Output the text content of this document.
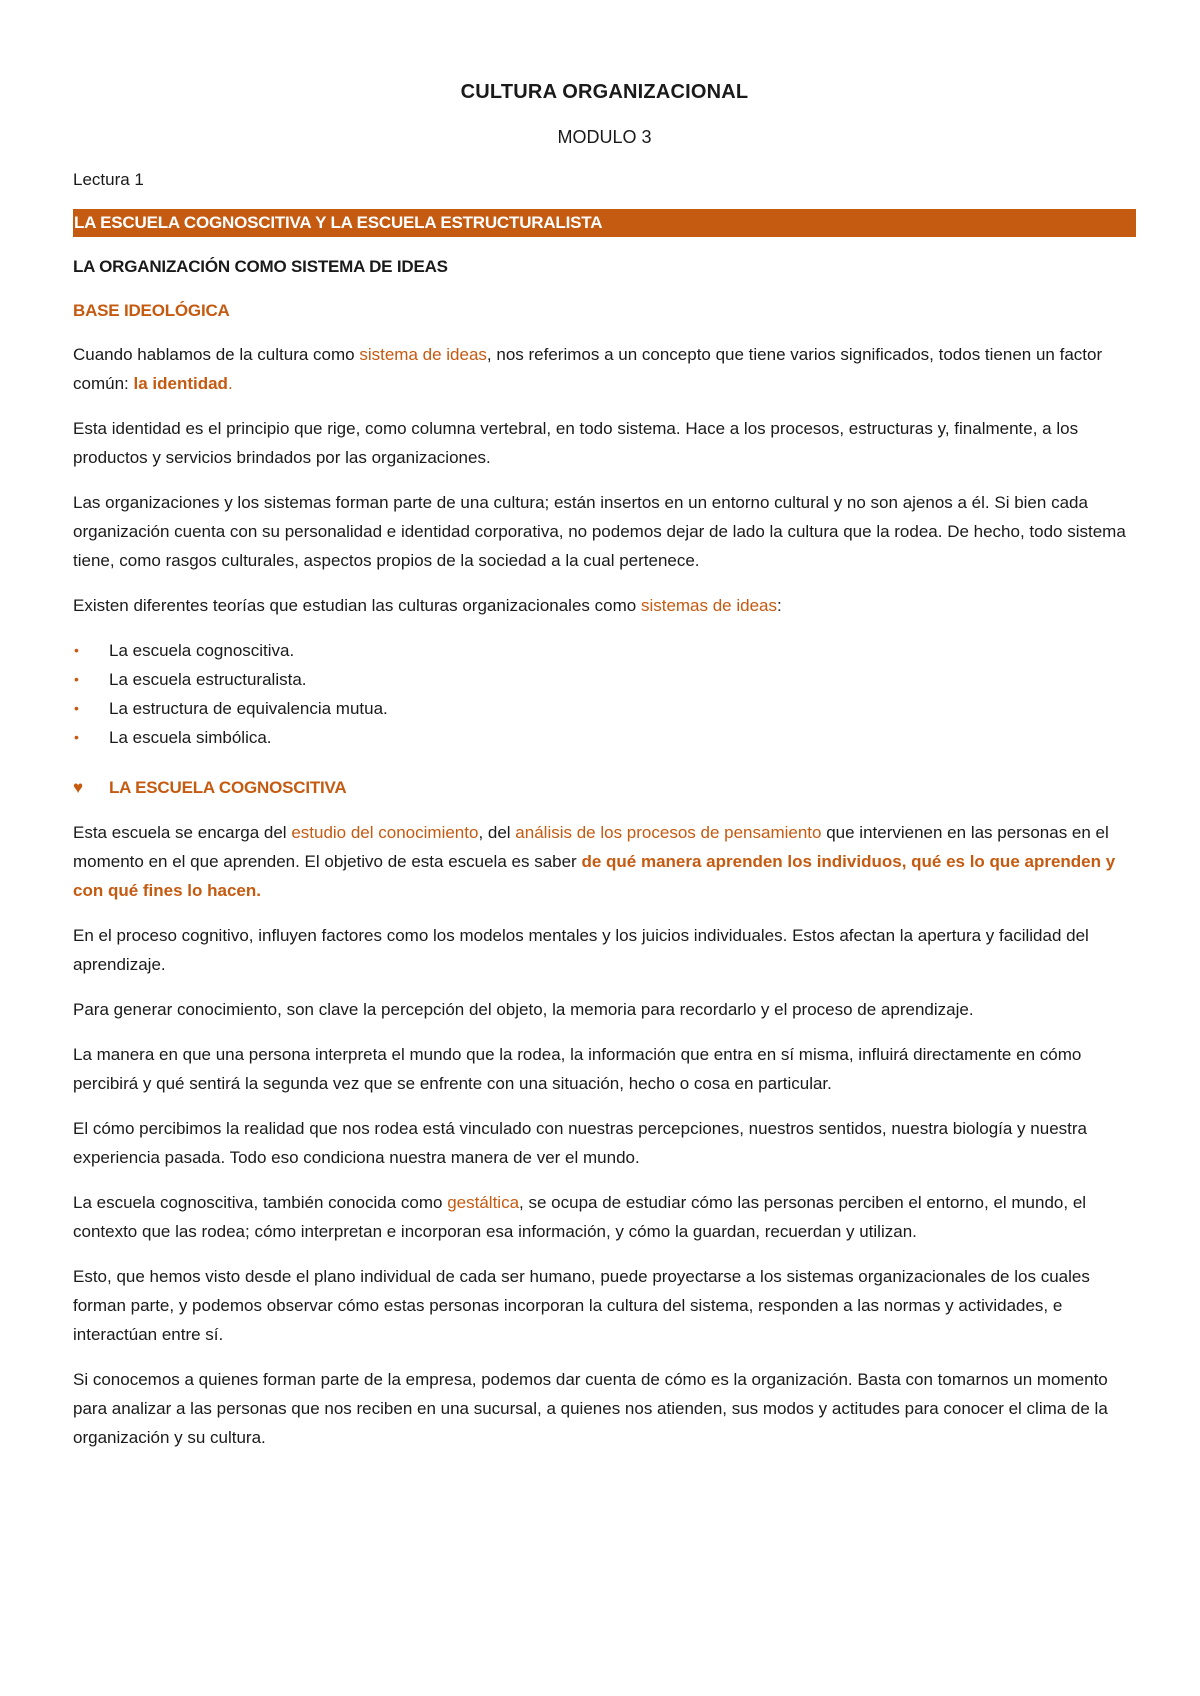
CULTURA ORGANIZACIONAL
MODULO 3
Lectura 1
LA ESCUELA COGNOSCITIVA Y LA ESCUELA ESTRUCTURALISTA
LA ORGANIZACIÓN COMO SISTEMA DE IDEAS
BASE IDEOLÓGICA

Cuando hablamos de la cultura como sistema de ideas, nos referimos a un concepto que tiene varios significados, todos tienen un factor común: la identidad.

Esta identidad es el principio que rige, como columna vertebral, en todo sistema. Hace a los procesos, estructuras y, finalmente, a los productos y servicios brindados por las organizaciones.

Las organizaciones y los sistemas forman parte de una cultura; están insertos en un entorno cultural y no son ajenos a él. Si bien cada organización cuenta con su personalidad e identidad corporativa, no podemos dejar de lado la cultura que la rodea. De hecho, todo sistema tiene, como rasgos culturales, aspectos propios de la sociedad a la cual pertenece.

Existen diferentes teorías que estudian las culturas organizacionales como sistemas de ideas:

• La escuela cognoscitiva.
• La escuela estructuralista.
• La estructura de equivalencia mutua.
• La escuela simbólica.
♥	LA ESCUELA COGNOSCITIVA

Esta escuela se encarga del estudio del conocimiento, del análisis de los procesos de pensamiento que intervienen en las personas en el momento en el que aprenden. El objetivo de esta escuela es saber de qué manera aprenden los individuos, qué es lo que aprenden y con qué fines lo hacen.

En el proceso cognitivo, influyen factores como los modelos mentales y los juicios individuales. Estos afectan la apertura y facilidad del aprendizaje.

Para generar conocimiento, son clave la percepción del objeto, la memoria para recordarlo y el proceso de aprendizaje.

La manera en que una persona interpreta el mundo que la rodea, la información que entra en sí misma, influirá directamente en cómo percibirá y qué sentirá la segunda vez que se enfrente con una situación, hecho o cosa en particular.

El cómo percibimos la realidad que nos rodea está vinculado con nuestras percepciones, nuestros sentidos, nuestra biología y nuestra experiencia pasada. Todo eso condiciona nuestra manera de ver el mundo.

La escuela cognoscitiva, también conocida como gestáltica, se ocupa de estudiar cómo las personas perciben el entorno, el mundo, el contexto que las rodea; cómo interpretan e incorporan esa información, y cómo la guardan, recuerdan y utilizan.

Esto, que hemos visto desde el plano individual de cada ser humano, puede proyectarse a los sistemas organizacionales de los cuales forman parte, y podemos observar cómo estas personas incorporan la cultura del sistema, responden a las normas y actividades, e interactúan entre sí.

Si conocemos a quienes forman parte de la empresa, podemos dar cuenta de cómo es la organización. Basta con tomarnos un momento para analizar a las personas que nos reciben en una sucursal, a quienes nos atienden, sus modos y actitudes para conocer el clima de la organización y su cultura.
